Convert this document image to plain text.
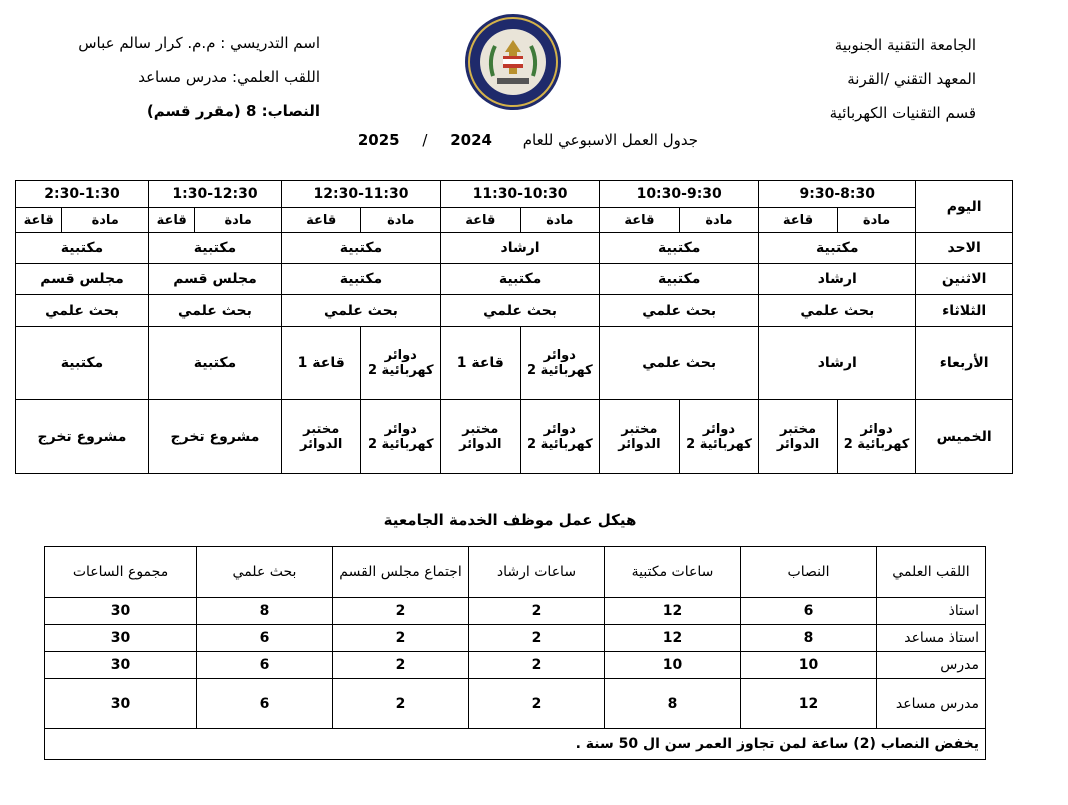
الجامعة التقنية الجنوبية
المعهد التقني /القرنة
قسم التقنيات الكهربائية
اسم التدريسي : م.م. كرار سالم عباس
اللقب العلمي: مدرس مساعد
النصاب: 8 (مقرر قسم)
جدول العمل الاسبوعي للعام 2024 / 2025
اليوم	9:30-8:30		10:30-9:30		11:30-10:30		12:30-11:30		1:30-12:30		2:30-1:30	
	مادة	قاعة	مادة	قاعة	مادة	قاعة	مادة	قاعة	مادة	قاعة	مادة	قاعة
الاحد	مكتبية		مكتبية		ارشاد		مكتبية		مكتبية		مكتبية	
الاثنين	ارشاد		مكتبية		مكتبية		مكتبية		مجلس قسم		مجلس قسم	
الثلاثاء	بحث علمي		بحث علمي		بحث علمي		بحث علمي		بحث علمي		بحث علمي	
الأربعاء	ارشاد		بحث علمي		دوائر كهربائية 2	قاعة 1	دوائر كهربائية 2	قاعة 1	مكتبية		مكتبية	
الخميس	دوائر كهربائية 2	مختبر الدوائر	دوائر كهربائية 2	مختبر الدوائر	دوائر كهربائية 2	مختبر الدوائر	دوائر كهربائية 2	مختبر الدوائر	مشروع تخرج		مشروع تخرج	
هيكل عمل موظف الخدمة الجامعية
اللقب العلمي	النصاب	ساعات مكتبية	ساعات ارشاد	اجتماع مجلس القسم	بحث علمي	مجموع الساعات
استاذ	6	12	2	2	8	30
استاذ مساعد	8	12	2	2	6	30
مدرس	10	10	2	2	6	30
مدرس مساعد	12	8	2	2	6	30
يخفض النصاب (2) ساعة لمن تجاوز العمر سن ال 50 سنة .						
